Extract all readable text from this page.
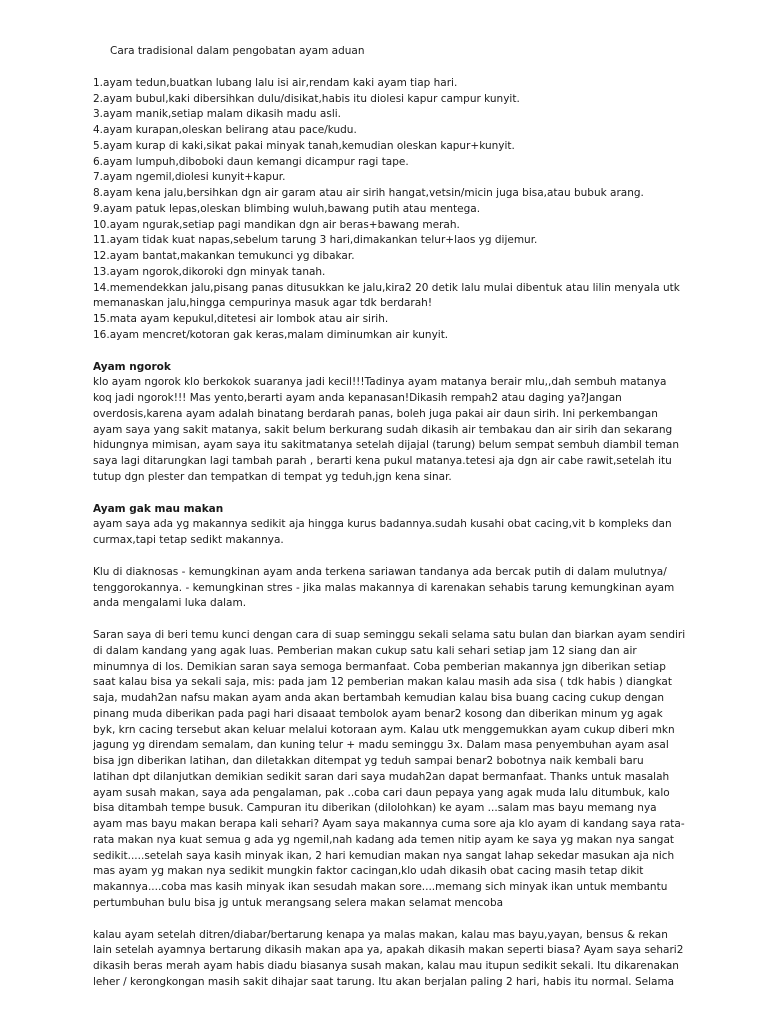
Cara tradisional dalam pengobatan ayam aduan

1.ayam tedun,buatkan lubang lalu isi air,rendam kaki ayam tiap hari.

2.ayam bubul,kaki dibersihkan dulu/disikat,habis itu diolesi kapur campur kunyit.

3.ayam manik,setiap malam dikasih madu asli.

4.ayam kurapan,oleskan belirang atau pace/kudu.

5.ayam kurap di kaki,sikat pakai minyak tanah,kemudian oleskan kapur+kunyit.

6.ayam lumpuh,diboboki daun kemangi dicampur ragi tape.

7.ayam ngemil,diolesi kunyit+kapur.

8.ayam kena jalu,bersihkan dgn air garam atau air sirih hangat,vetsin/micin juga bisa,atau bubuk arang.

9.ayam patuk lepas,oleskan blimbing wuluh,bawang putih atau mentega.

10.ayam ngurak,setiap pagi mandikan dgn air beras+bawang merah.

11.ayam tidak kuat napas,sebelum tarung 3 hari,dimakankan telur+laos yg dijemur.

12.ayam bantat,makankan temukunci yg dibakar.

13.ayam ngorok,dikoroki dgn minyak tanah.

14.memendekkan jalu,pisang panas ditusukkan ke jalu,kira2 20 detik lalu mulai dibentuk atau lilin menyala utk

memanaskan jalu,hingga cempurinya masuk agar tdk berdarah!

15.mata ayam kepukul,ditetesi air lombok atau air sirih.

16.ayam mencret/kotoran gak keras,malam diminumkan air kunyit.

Ayam ngorok

klo ayam ngorok klo berkokok suaranya jadi kecil!!!Tadinya ayam matanya berair mlu,,dah sembuh matanya

koq jadi ngorok!!! Mas yento,berarti ayam anda kepanasan!Dikasih rempah2 atau daging ya?Jangan

overdosis,karena ayam adalah binatang berdarah panas, boleh juga pakai air daun sirih. Ini perkembangan

ayam saya yang sakit matanya, sakit belum berkurang sudah dikasih air tembakau dan air sirih dan sekarang

hidungnya mimisan, ayam saya itu sakitmatanya setelah dijajal (tarung) belum sempat sembuh diambil teman

saya lagi ditarungkan lagi tambah parah , berarti kena pukul matanya.tetesi aja dgn air cabe rawit,setelah itu

tutup dgn plester dan tempatkan di tempat yg teduh,jgn kena sinar.

Ayam gak mau makan

ayam saya ada yg makannya sedikit aja hingga kurus badannya.sudah kusahi obat cacing,vit b kompleks dan

curmax,tapi tetap sedikt makannya.

Klu di diaknosas - kemungkinan ayam anda terkena sariawan tandanya ada bercak putih di dalam mulutnya/

tenggorokannya. - kemungkinan stres - jika malas makannya di karenakan sehabis tarung kemungkinan ayam

anda mengalami luka dalam.

Saran saya di beri temu kunci dengan cara di suap seminggu sekali selama satu bulan dan biarkan ayam sendiri

di dalam kandang yang agak luas. Pemberian makan cukup satu kali sehari setiap jam 12 siang dan air

minumnya di los. Demikian saran saya semoga bermanfaat. Coba pemberian makannya jgn diberikan setiap

saat kalau bisa ya sekali saja, mis: pada jam 12 pemberian makan kalau masih ada sisa ( tdk habis ) diangkat

saja, mudah2an nafsu makan ayam anda akan bertambah kemudian kalau bisa buang cacing cukup dengan

pinang muda diberikan pada pagi hari disaaat tembolok ayam benar2 kosong dan diberikan minum yg agak

byk, krn cacing tersebut akan keluar melalui kotoraan aym. Kalau utk menggemukkan ayam cukup diberi mkn

jagung yg direndam semalam, dan kuning telur + madu seminggu 3x. Dalam masa penyembuhan ayam asal

bisa jgn diberikan latihan, dan diletakkan ditempat yg teduh sampai benar2 bobotnya naik kembali baru

latihan dpt dilanjutkan demikian sedikit saran dari saya mudah2an dapat bermanfaat. Thanks untuk masalah

ayam susah makan, saya ada pengalaman, pak ..coba cari daun pepaya yang agak muda lalu ditumbuk, kalo

bisa ditambah tempe busuk. Campuran itu diberikan (dilolohkan) ke ayam ...salam mas bayu memang nya

ayam mas bayu makan berapa kali sehari? Ayam saya makannya cuma sore aja klo ayam di kandang saya rata-

rata makan nya kuat semua g ada yg ngemil,nah kadang ada temen nitip ayam ke saya yg makan nya sangat

sedikit.....setelah saya kasih minyak ikan, 2 hari kemudian makan nya sangat lahap sekedar masukan aja nich

mas ayam yg makan nya sedikit mungkin faktor cacingan,klo udah dikasih obat cacing masih tetap dikit

makannya....coba mas kasih minyak ikan sesudah makan sore....memang sich minyak ikan untuk membantu

pertumbuhan bulu bisa jg untuk merangsang selera makan selamat mencoba

kalau ayam setelah ditren/diabar/bertarung kenapa ya malas makan, kalau mas bayu,yayan, bensus & rekan

lain setelah ayamnya bertarung dikasih makan apa ya, apakah dikasih makan seperti biasa? Ayam saya sehari2

dikasih beras merah ayam habis diadu biasanya susah makan, kalau mau itupun sedikit sekali. Itu dikarenakan

leher / kerongkongan masih sakit dihajar saat tarung. Itu akan berjalan paling 2 hari, habis itu normal. Selama
